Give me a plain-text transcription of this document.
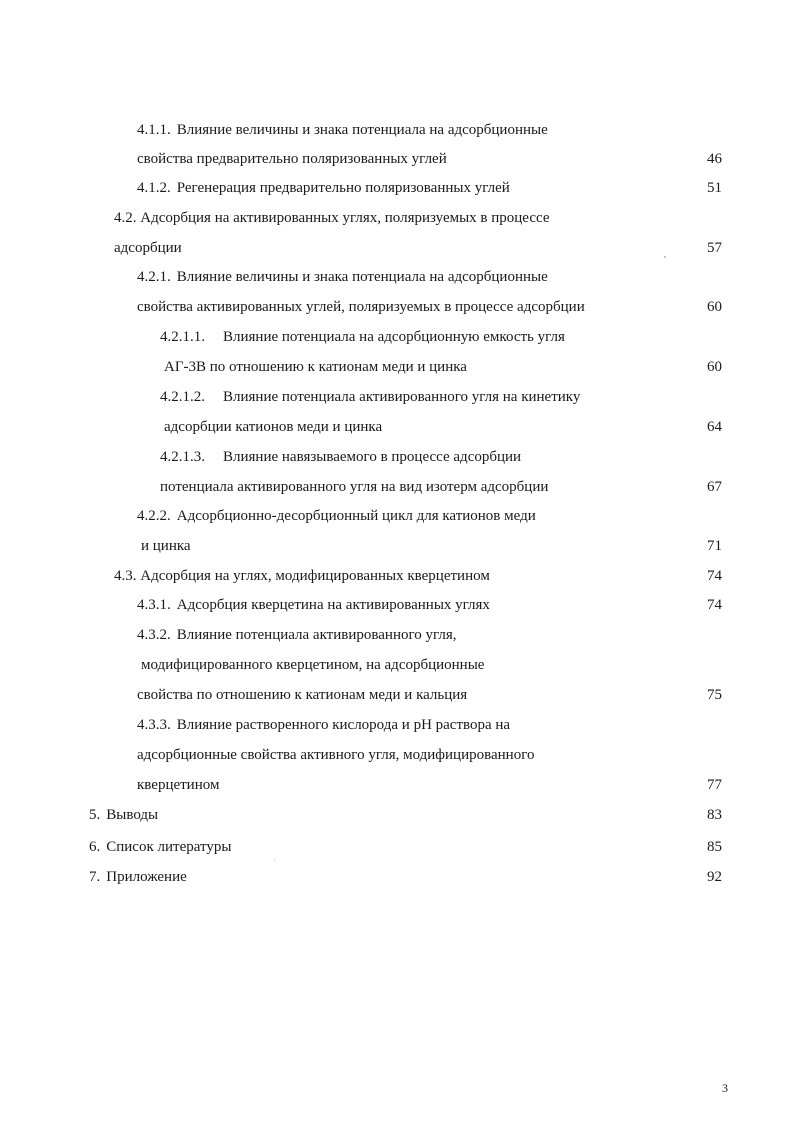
4.1.1. Влияние величины и знака потенциала на адсорбционные
свойства предварительно поляризованных углей	46
4.1.2. Регенерация предварительно поляризованных углей	51
4.2. Адсорбция на активированных углях, поляризуемых в процессе
адсорбции	57
4.2.1. Влияние величины и знака потенциала на адсорбционные
свойства активированных углей, поляризуемых в процессе адсорбции	60
4.2.1.1. Влияние потенциала на адсорбционную емкость угля
АГ-3В по отношению к катионам меди и цинка	60
4.2.1.2. Влияние потенциала активированного угля на кинетику
адсорбции катионов меди и цинка	64
4.2.1.3. Влияние навязываемого в процессе адсорбции
потенциала активированного угля на вид изотерм адсорбции	67
4.2.2. Адсорбционно-десорбционный цикл для катионов меди
и цинка	71
4.3. Адсорбция на углях, модифицированных кверцетином	74
4.3.1. Адсорбция кверцетина на активированных углях	74
4.3.2. Влияние потенциала активированного угля,
модифицированного кверцетином, на адсорбционные
свойства по отношению к катионам меди и кальция	75
4.3.3. Влияние растворенного кислорода и pH раствора на
адсорбционные свойства активного угля, модифицированного
кверцетином	77
5. Выводы	83
6. Список литературы	85
7. Приложение	92
3
